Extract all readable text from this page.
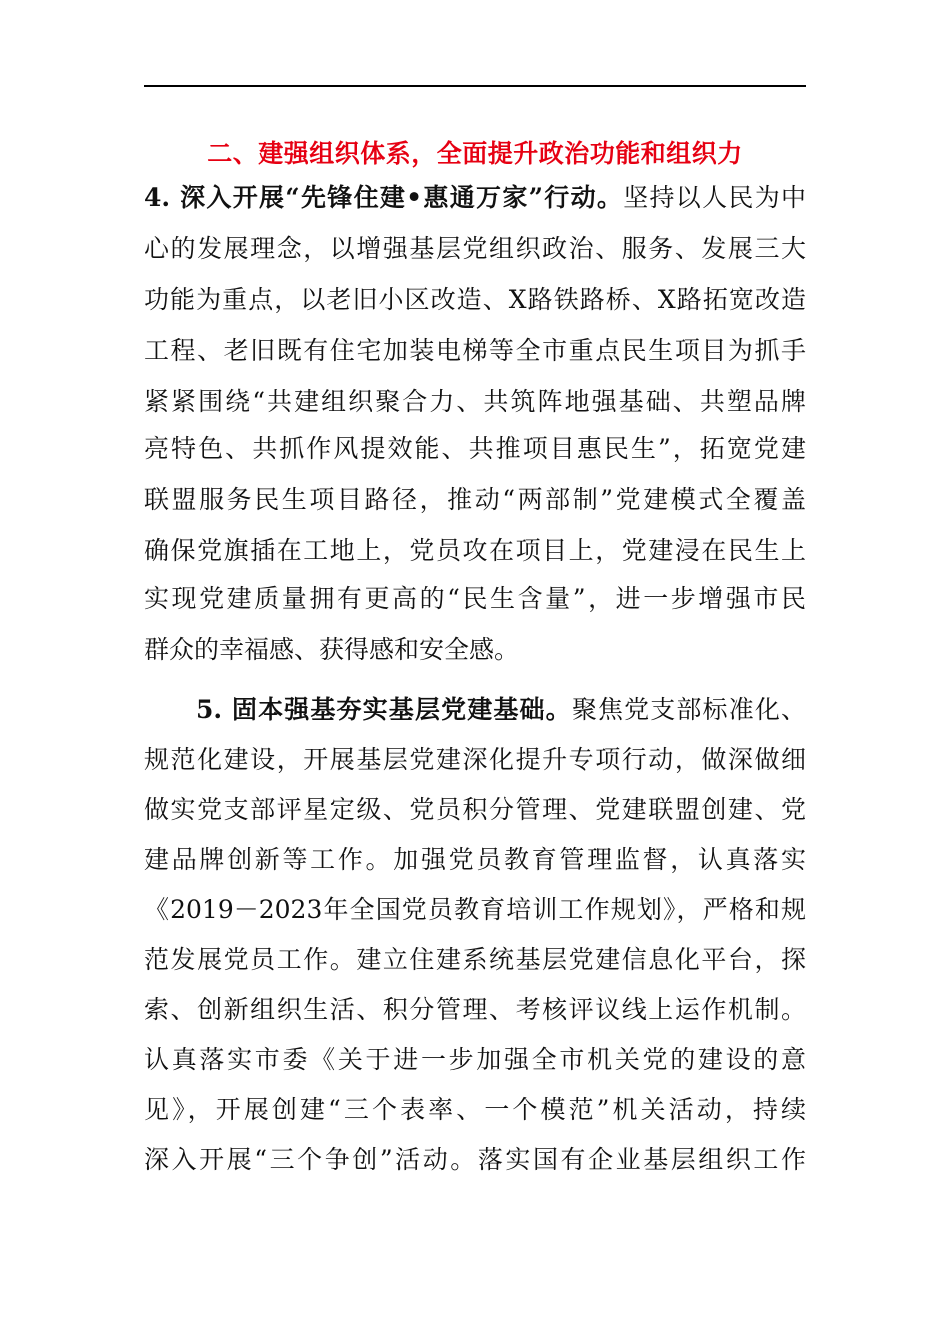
二、建强组织体系，全面提升政治功能和组织力
4. 深入开展“先锋住建•惠通万家”行动。坚持以人民为中
心的发展理念，以增强基层党组织政治、服务、发展三大
功能为重点，以老旧小区改造、X路铁路桥、X路拓宽改造
工程、老旧既有住宅加装电梯等全市重点民生项目为抓手
紧紧围绕“共建组织聚合力、共筑阵地强基础、共塑品牌
亮特色、共抓作风提效能、共推项目惠民生”，拓宽党建
联盟服务民生项目路径，推动“两部制”党建模式全覆盖
确保党旗插在工地上，党员攻在项目上，党建浸在民生上
实现党建质量拥有更高的“民生含量”，进一步增强市民
群众的幸福感、获得感和安全感。
5. 固本强基夯实基层党建基础。聚焦党支部标准化、
规范化建设，开展基层党建深化提升专项行动，做深做细
做实党支部评星定级、党员积分管理、党建联盟创建、党
建品牌创新等工作。加强党员教育管理监督，认真落实
《2019－2023年全国党员教育培训工作规划》，严格和规
范发展党员工作。建立住建系统基层党建信息化平台，探
索、创新组织生活、积分管理、考核评议线上运作机制。
认真落实市委《关于进一步加强全市机关党的建设的意
见》，开展创建“三个表率、一个模范”机关活动，持续
深入开展“三个争创”活动。落实国有企业基层组织工作
